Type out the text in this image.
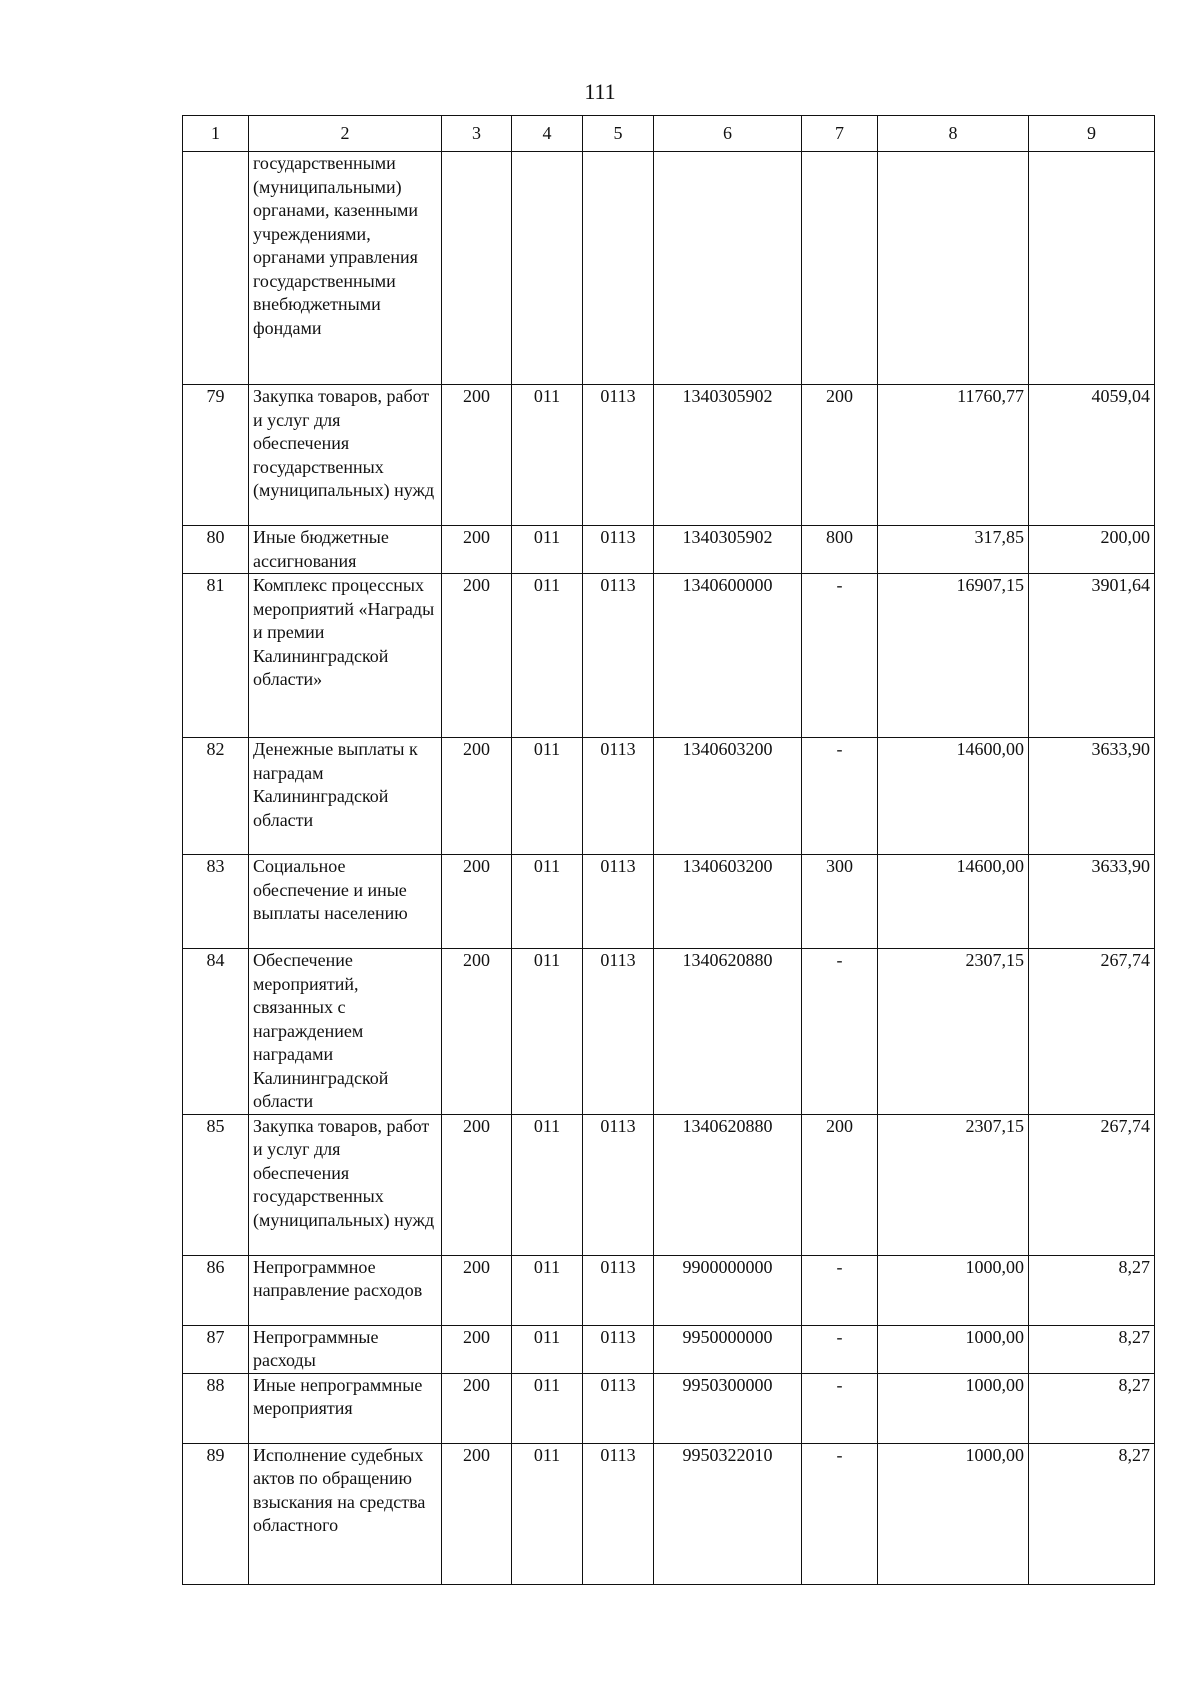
111
1	2	3	4	5	6	7	8	9
	государственными (муниципальными) органами, казенными учреждениями, органами управления государственными внебюджетными фондами							
79	Закупка товаров, работ и услуг для обеспечения государственных (муниципальных) нужд	200	011	0113	1340305902	200	11760,77	4059,04
80	Иные бюджетные ассигнования	200	011	0113	1340305902	800	317,85	200,00
81	Комплекс процессных мероприятий «Награды и премии Калининградской области»	200	011	0113	1340600000	-	16907,15	3901,64
82	Денежные выплаты к наградам Калининградской области	200	011	0113	1340603200	-	14600,00	3633,90
83	Социальное обеспечение и иные выплаты населению	200	011	0113	1340603200	300	14600,00	3633,90
84	Обеспечение мероприятий, связанных с награждением наградами Калининградской области	200	011	0113	1340620880	-	2307,15	267,74
85	Закупка товаров, работ и услуг для обеспечения государственных (муниципальных) нужд	200	011	0113	1340620880	200	2307,15	267,74
86	Непрограммное направление расходов	200	011	0113	9900000000	-	1000,00	8,27
87	Непрограммные расходы	200	011	0113	9950000000	-	1000,00	8,27
88	Иные непрограммные мероприятия	200	011	0113	9950300000	-	1000,00	8,27
89	Исполнение судебных актов по обращению взыскания на средства областного	200	011	0113	9950322010	-	1000,00	8,27
